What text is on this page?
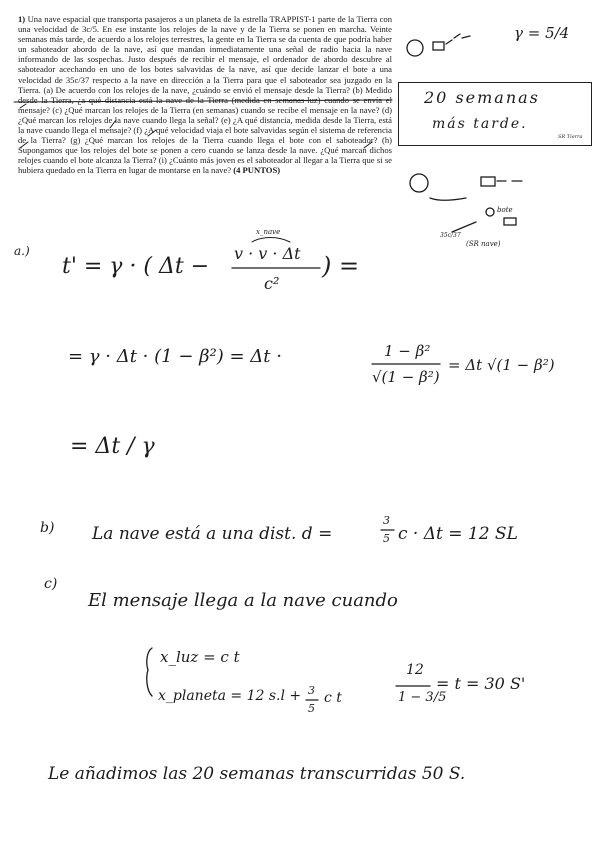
1) Una nave espacial que transporta pasajeros a un planeta de la estrella TRAPPIST-1 parte de la Tierra con una velocidad de 3c/5. En ese instante los relojes de la nave y de la Tierra se ponen en marcha. Veinte semanas más tarde, de acuerdo a los relojes terrestres, la gente en la Tierra se da cuenta de que podría haber un saboteador abordo de la nave, así que mandan inmediatamente una señal de radio hacia la nave informando de las sospechas. Justo después de recibir el mensaje, el ordenador de abordo descubre al saboteador acechando en uno de los botes salvavidas de la nave, así que decide lanzar el bote a una velocidad de 35c/37 respecto a la nave en dirección a la Tierra para que el saboteador sea juzgado en la Tierra. (a) De acuerdo con los relojes de la nave, ¿cuándo se envió el mensaje desde la Tierra? (b) Medido desde la Tierra, ¿a qué distancia está la nave de la Tierra (medida en semanas-luz) cuando se envía el mensaje? (c) ¿Qué marcan los relojes de la Tierra (en semanas) cuando se recibe el mensaje en la nave? (d) ¿Qué marcan los relojes de la nave cuando llega la señal? (e) ¿A qué distancia, medida desde la Tierra, está la nave cuando llega el mensaje? (f) ¿A qué velocidad viaja el bote salvavidas según el sistema de referencia de la Tierra? (g) ¿Qué marcan los relojes de la Tierra cuando llega el bote con el saboteador? (h) Supongamos que los relojes del bote se ponen a cero cuando se lanza desde la nave. ¿Qué marcan dichos relojes cuando el bote alcanza la Tierra? (i) ¿Cuánto más joven es el saboteador al llegar a la Tierra que si se hubiera quedado en la Tierra en lugar de montarse en la nave? (4 PUNTOS)
20 semanas
más tarde.
SR Tierra
γ = 5/4
bote
35c/37
(SR nave)
a.)
t' = γ · ( Δt −
x_nave
v · v · Δt
c²
) =
= γ · Δt · (1 − β²) = Δt ·	1 − β²
√(1 − β²)
= Δt √(1 − β²)
= Δt / γ
b) La nave está a una dist. d =
3
5 c · Δt = 12 SL
c)
El mensaje llega a la nave cuando
x_luz = c t
x_planeta = 12 s.l + 3
5
c t
12
1 − 3/5
= t = 30 S'
Le añadimos las 20 semanas transcurridas 50 S.
